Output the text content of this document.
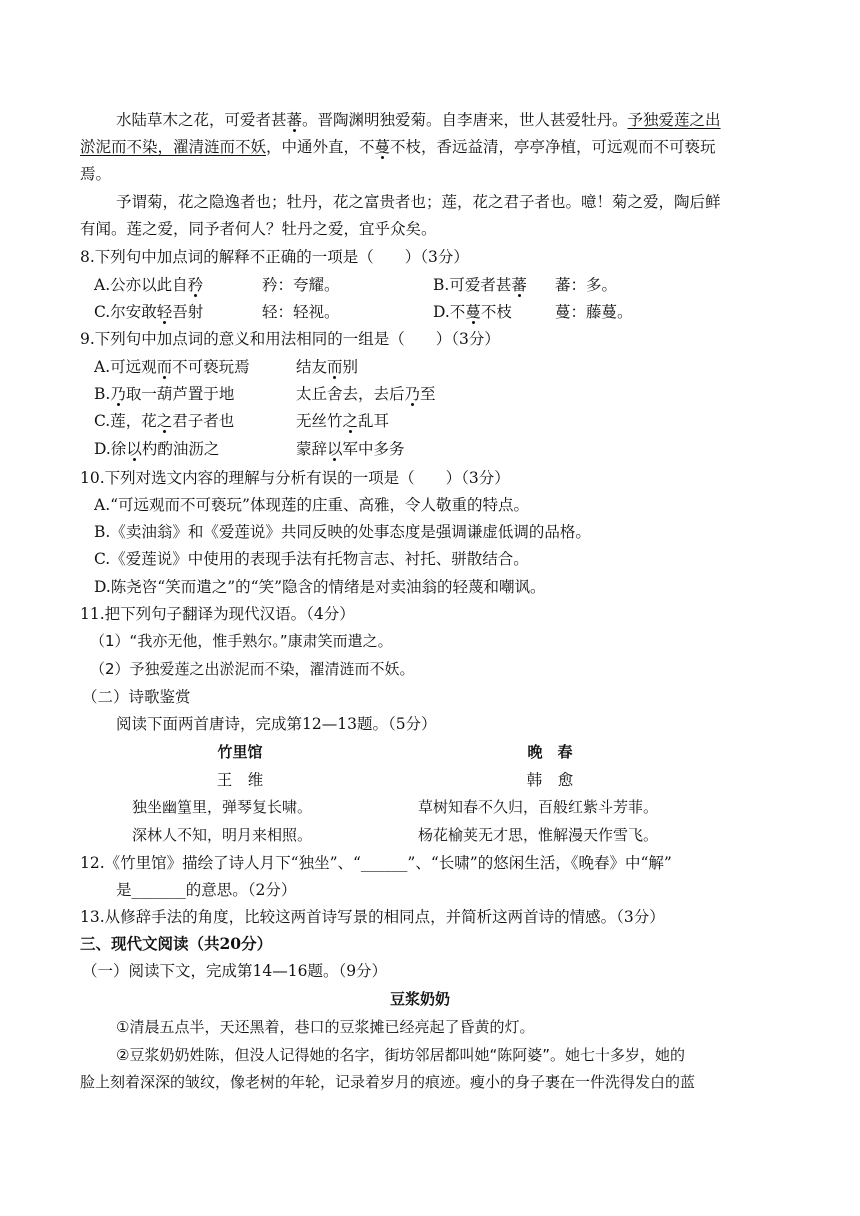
水陆草木之花，可爱者甚蕃。晋陶渊明独爱菊。自李唐来，世人甚爱牡丹。予独爱莲之出
淤泥而不染，濯清涟而不妖，中通外直，不蔓不枝，香远益清，亭亭净植，可远观而不可亵玩
焉。
予谓菊，花之隐逸者也；牡丹，花之富贵者也；莲，花之君子者也。噫！菊之爱，陶后鲜
有闻。莲之爱，同予者何人？牡丹之爱，宜乎众矣。
8.下列句中加点词的解释不正确的一项是（　　）（3分）
A.公亦以此自矜	矜：夸耀。	B.可爱者甚蕃 蕃：多。
C.尔安敢轻吾射	轻：轻视。	D.不蔓不枝	蔓：藤蔓。
9.下列句中加点词的意义和用法相同的一组是（　　）（3分）
A.可远观而不可亵玩焉	结友而别
B.乃取一葫芦置于地	太丘舍去，去后乃至
C.莲，花之君子者也	无丝竹之乱耳
D.徐以杓酌油沥之	蒙辞以军中多务
10.下列对选文内容的理解与分析有误的一项是（　　）（3分）
A.“可远观而不可亵玩”体现莲的庄重、高雅，令人敬重的特点。
B.《卖油翁》和《爱莲说》共同反映的处事态度是强调谦虚低调的品格。
C.《爱莲说》中使用的表现手法有托物言志、衬托、骈散结合。
D.陈尧咨“笑而遣之”的“笑”隐含的情绪是对卖油翁的轻蔑和嘲讽。
11.把下列句子翻译为现代汉语。（4分）
（1）“我亦无他，惟手熟尔。”康肃笑而遣之。
（2）予独爱莲之出淤泥而不染，濯清涟而不妖。
（二）诗歌鉴赏
阅读下面两首唐诗，完成第12—13题。（5分）
竹里馆
王　维
独坐幽篁里，弹琴复长啸。
深林人不知，明月来相照。
晚　春
韩　愈
草树知春不久归，百般红紫斗芳菲。
杨花榆荚无才思，惟解漫天作雪飞。
12.《竹里馆》描绘了诗人月下“独坐”、“______”、“长啸”的悠闲生活，《晚春》中“解”
是_______的意思。（2分）
13.从修辞手法的角度，比较这两首诗写景的相同点，并简析这两首诗的情感。（3分）
三、现代文阅读（共20分）
（一）阅读下文，完成第14—16题。（9分）
豆浆奶奶
①清晨五点半，天还黑着，巷口的豆浆摊已经亮起了昏黄的灯。
②豆浆奶奶姓陈，但没人记得她的名字，街坊邻居都叫她“陈阿婆”。她七十多岁，她的
脸上刻着深深的皱纹，像老树的年轮，记录着岁月的痕迹。瘦小的身子裹在一件洗得发白的蓝
